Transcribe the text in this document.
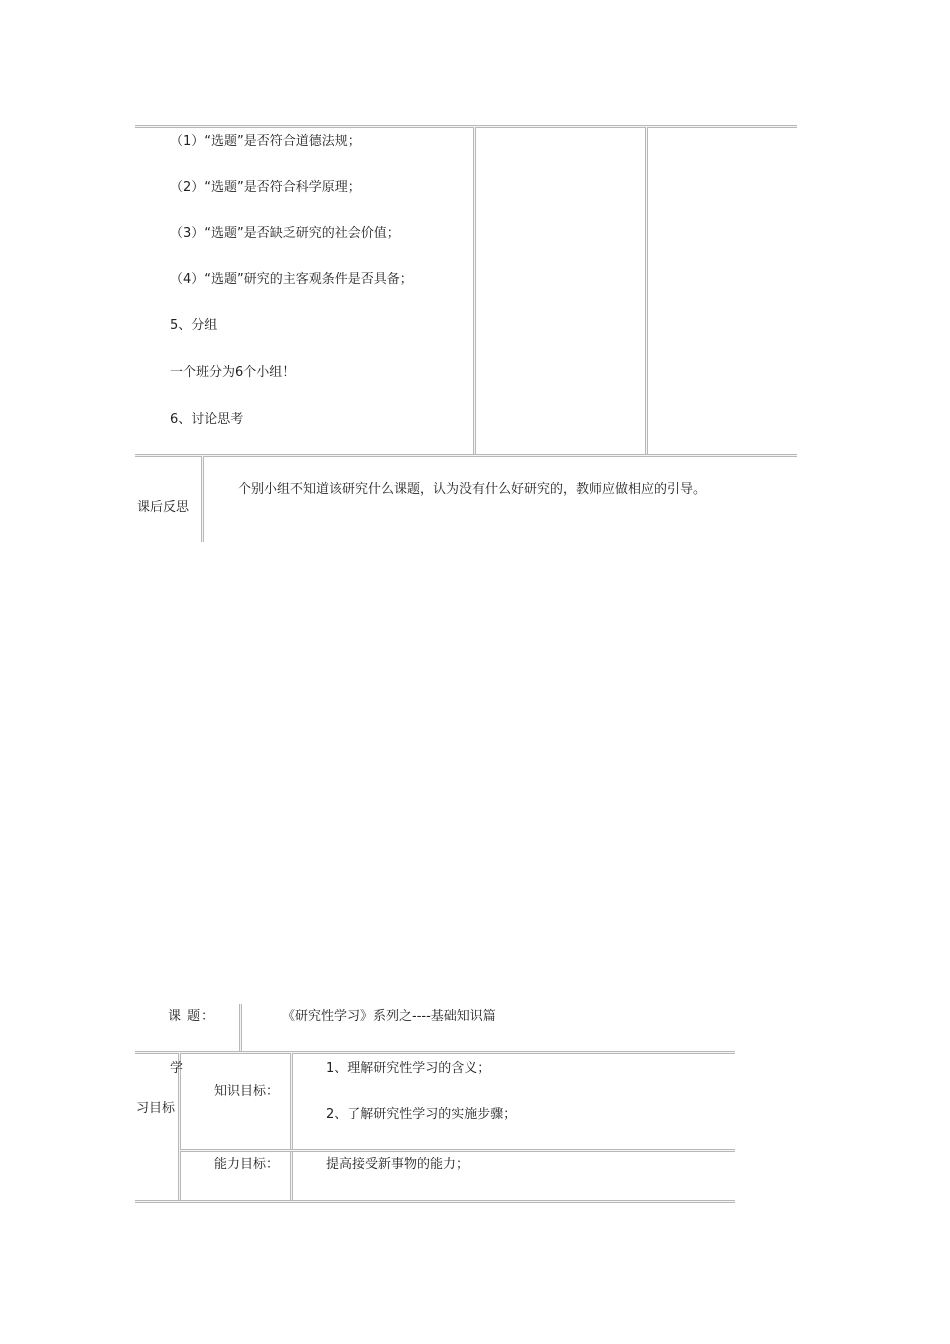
（1）“选题”是否符合道德法规；
（2）“选题”是否符合科学原理；
（3）“选题”是否缺乏研究的社会价值；
（4）“选题”研究的主客观条件是否具备；
5、分组
一个班分为6个小组！
6、讨论思考
课后反思
个别小组不知道该研究什么课题，认为没有什么好研究的，教师应做相应的引导。
课 题：	《研究性学习》系列之----基础知识篇
学
习目标
知识目标：
1、理解研究性学习的含义；
2、了解研究性学习的实施步骤；
能力目标：	提高接受新事物的能力；
